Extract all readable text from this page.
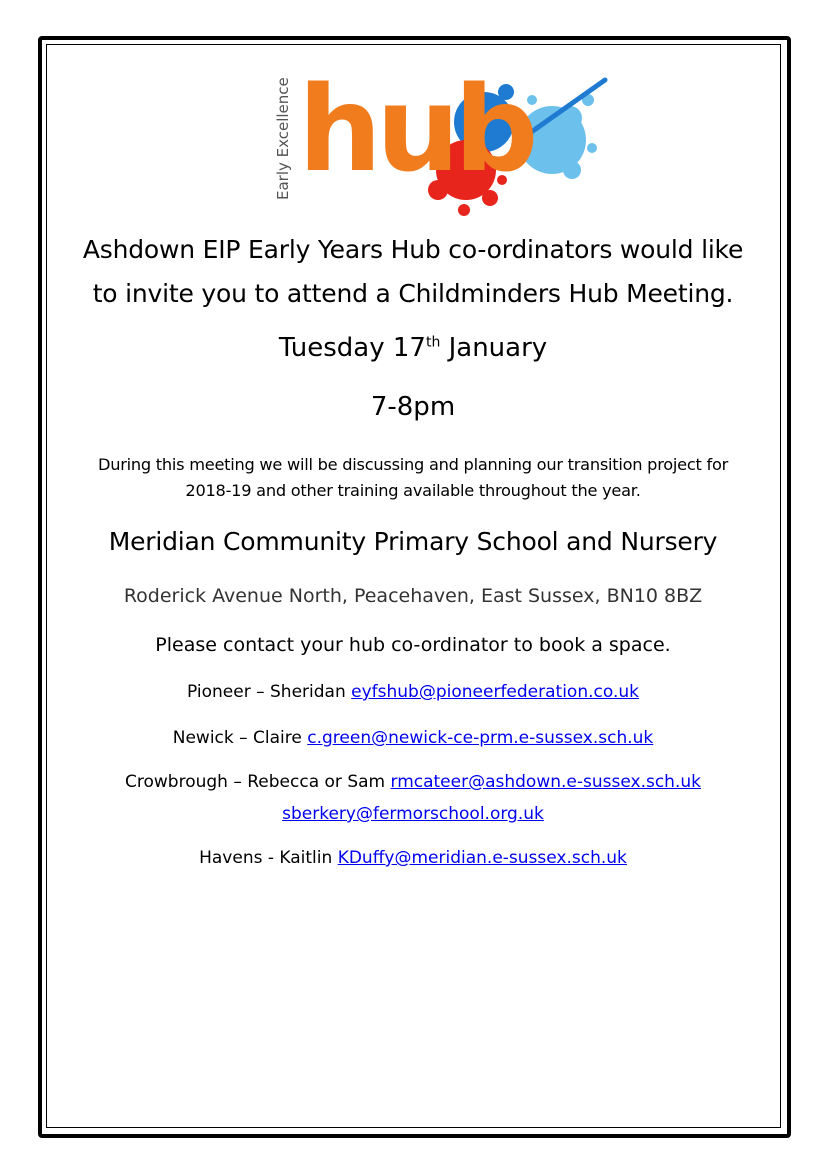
Early Excellence hub
Ashdown EIP Early Years Hub co-ordinators would like
to invite you to attend a Childminders Hub Meeting.
Tuesday 17th January
7-8pm
During this meeting we will be discussing and planning our transition project for
2018-19 and other training available throughout the year.
Meridian Community Primary School and Nursery
Roderick Avenue North, Peacehaven, East Sussex, BN10 8BZ
Please contact your hub co-ordinator to book a space.
Pioneer – Sheridan eyfshub@pioneerfederation.co.uk
Newick – Claire c.green@newick-ce-prm.e-sussex.sch.uk
Crowbrough – Rebecca or Sam rmcateer@ashdown.e-sussex.sch.uk
sberkery@fermorschool.org.uk
Havens - Kaitlin KDuffy@meridian.e-sussex.sch.uk
